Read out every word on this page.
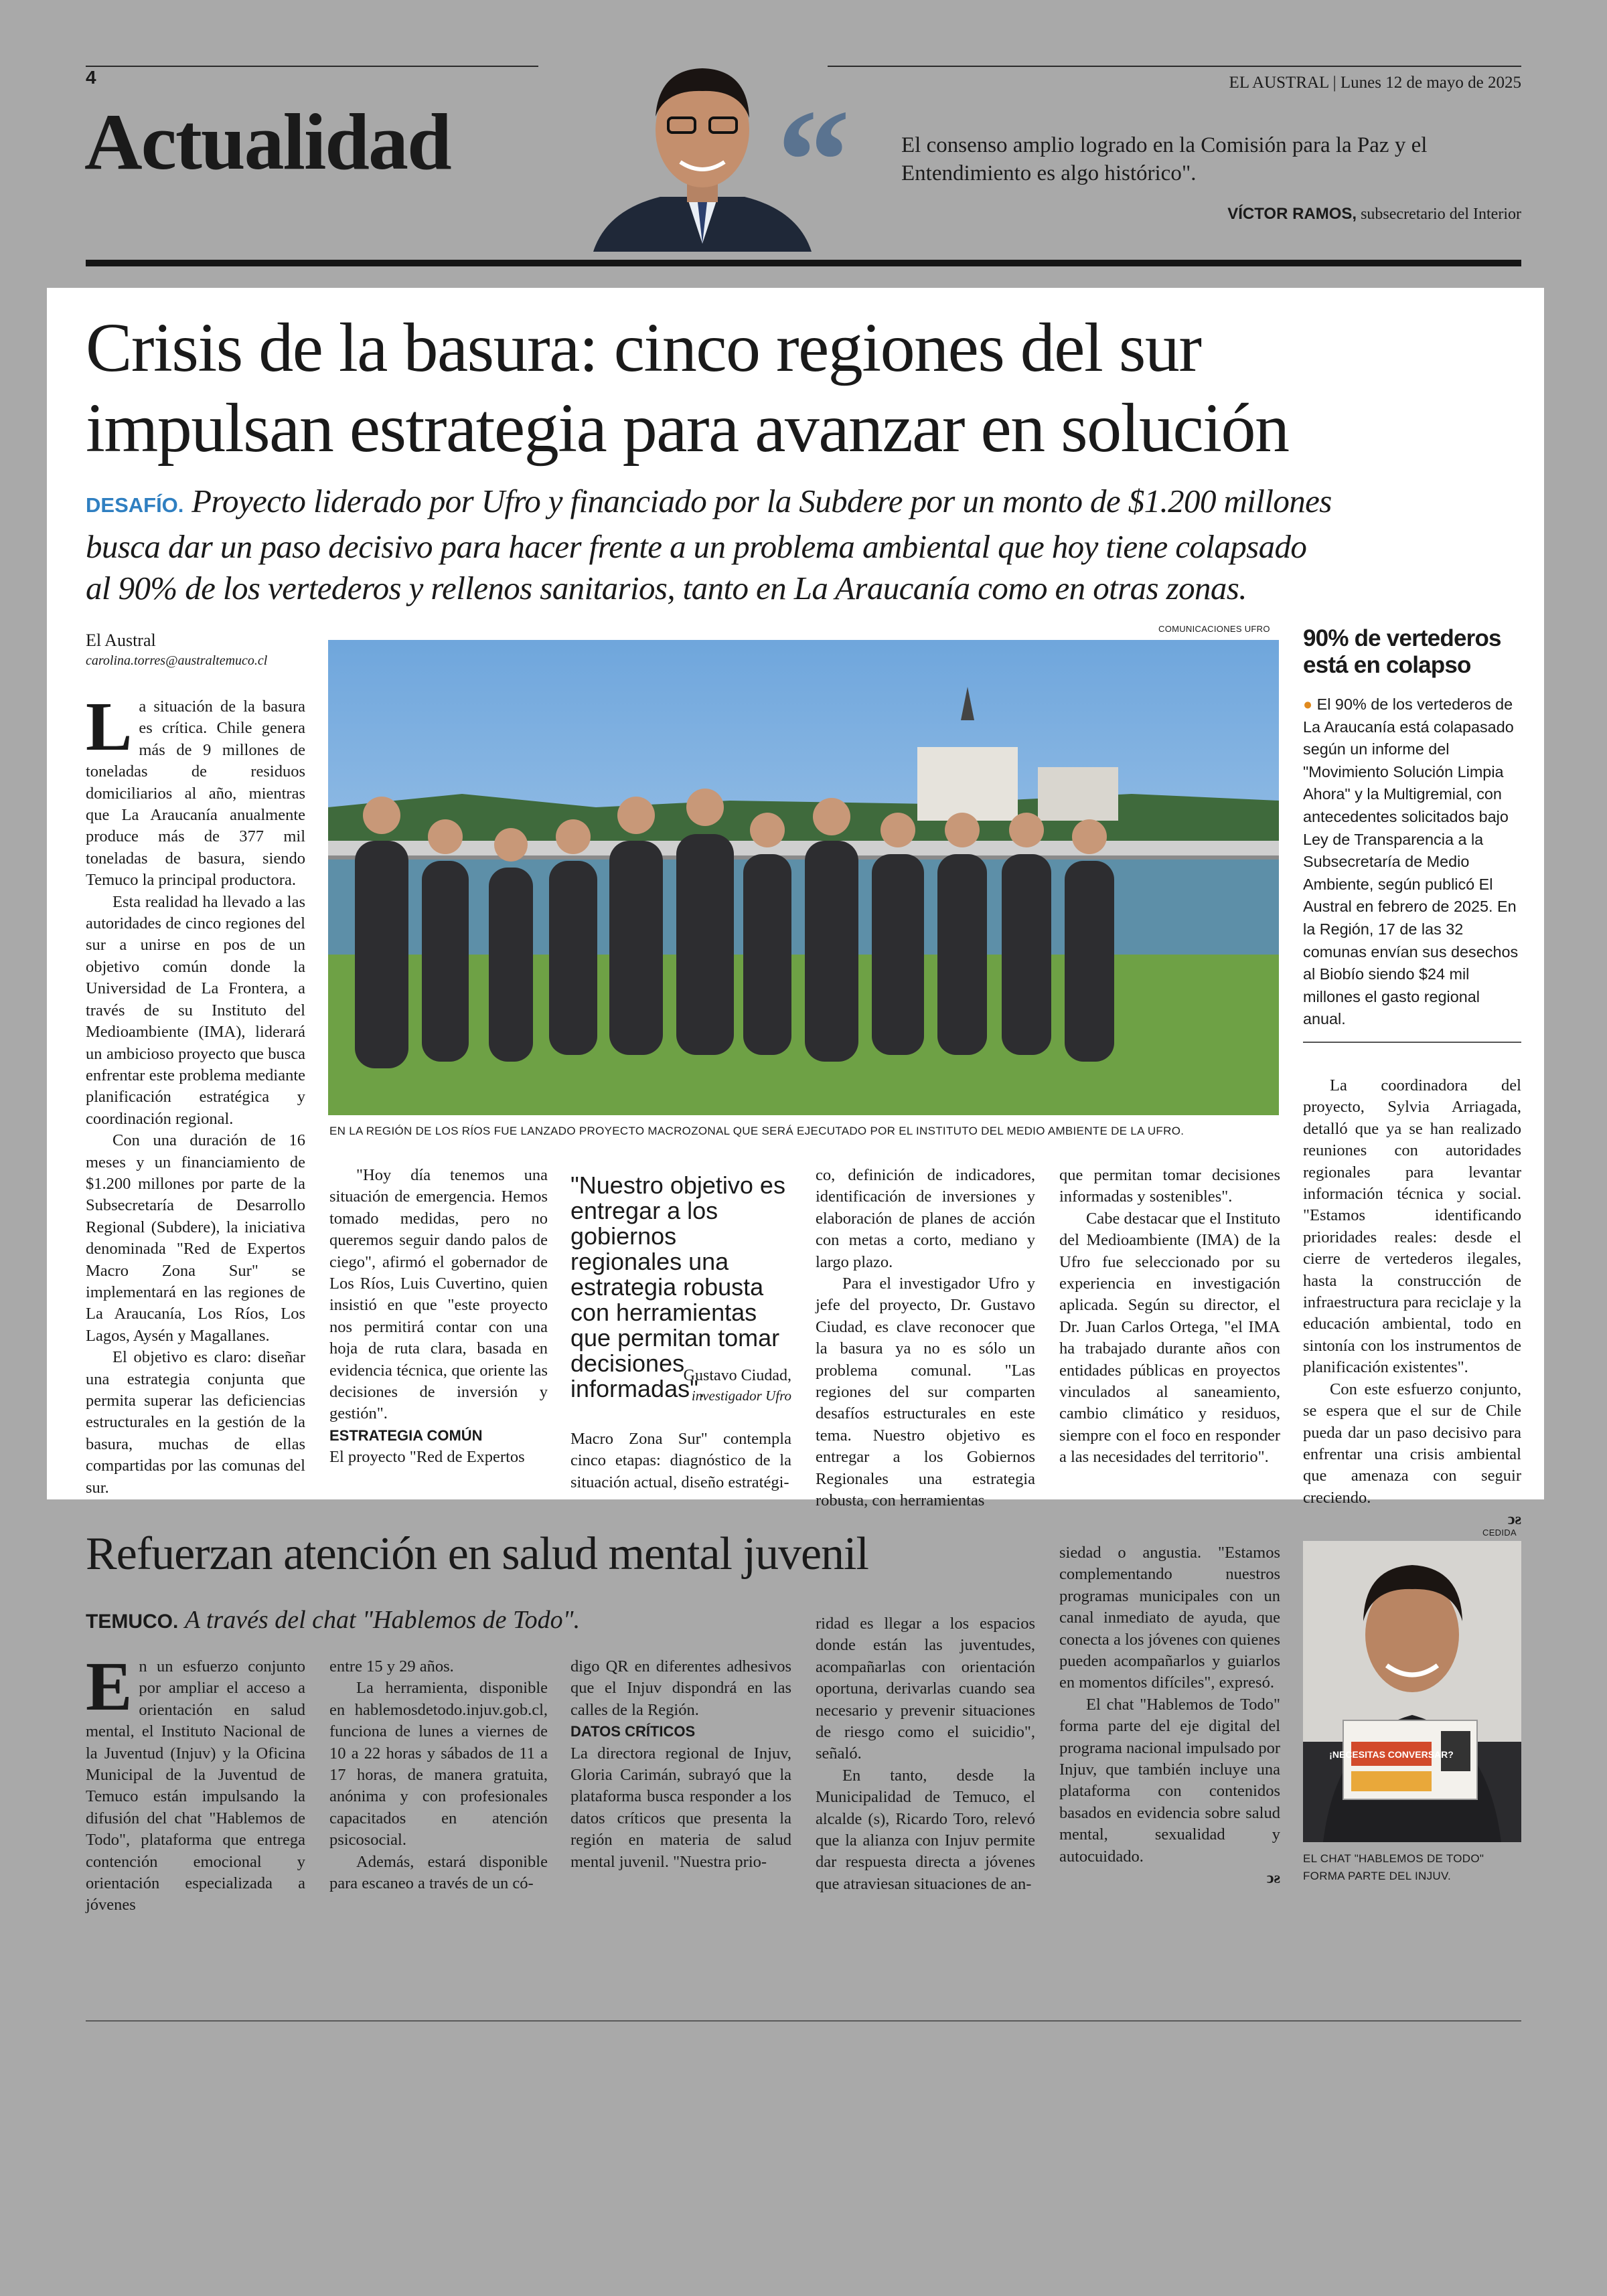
4
Actualidad
EL AUSTRAL | Lunes 12 de mayo de 2025
“ El consenso amplio logrado en la Comisión para la Paz y el Entendimiento es algo histórico".
VÍCTOR RAMOS, subsecretario del Interior
Crisis de la basura: cinco regiones del sur
impulsan estrategia para avanzar en solución
DESAFÍO. Proyecto liderado por Ufro y financiado por la Subdere por un monto de $1.200 millones
busca dar un paso decisivo para hacer frente a un problema ambiental que hoy tiene colapsado
al 90% de los vertederos y rellenos sanitarios, tanto en La Araucanía como en otras zonas.
El Austral
carolina.torres@australtemuco.cl

La situación de la basura es crítica. Chile genera más de 9 millones de toneladas de residuos domiciliarios al año, mientras que La Araucanía anualmente produce más de 377 mil toneladas de basura, siendo Temuco la principal productora.

Esta realidad ha llevado a las autoridades de cinco regiones del sur a unirse en pos de un objetivo común donde la Universidad de La Frontera, a través de su Instituto del Medioambiente (IMA), liderará un ambicioso proyecto que busca enfrentar este problema mediante planificación estratégica y coordinación regional.

Con una duración de 16 meses y un financiamiento de $1.200 millones por parte de la Subsecretaría de Desarrollo Regional (Subdere), la iniciativa denominada "Red de Expertos Macro Zona Sur" se implementará en las regiones de La Araucanía, Los Ríos, Los Lagos, Aysén y Magallanes.

El objetivo es claro: diseñar una estrategia conjunta que permita superar las deficiencias estructurales en la gestión de la basura, muchas de ellas compartidas por las comunas del sur.

COMUNICACIONES UFRO
EN LA REGIÓN DE LOS RÍOS FUE LANZADO PROYECTO MACROZONAL QUE SERÁ EJECUTADO POR EL INSTITUTO DEL MEDIO AMBIENTE DE LA UFRO.
90% de vertederos
está en colapso
● El 90% de los vertederos de La Araucanía está colapasado según un informe del "Movimiento Solución Limpia Ahora" y la Multigremial, con antecedentes solicitados bajo Ley de Transparencia a la Subsecretaría de Medio Ambiente, según publicó El Austral en febrero de 2025. En la Región, 17 de las 32 comunas envían sus desechos al Biobío siendo $24 mil millones el gasto regional anual.

La coordinadora del proyecto, Sylvia Arriagada, detalló que ya se han realizado reuniones con autoridades regionales para levantar información técnica y social. "Estamos identificando prioridades reales: desde el cierre de vertederos ilegales, hasta la construcción de infraestructura para reciclaje y la educación ambiental, todo en sintonía con los instrumentos de planificación existentes".

Con este esfuerzo conjunto, se espera que el sur de Chile pueda dar un paso decisivo para enfrentar una crisis ambiental que amenaza con seguir creciendo.

ↄƨ

"Hoy día tenemos una situación de emergencia. Hemos tomado medidas, pero no queremos seguir dando palos de ciego", afirmó el gobernador de Los Ríos, Luis Cuvertino, quien insistió en que "este proyecto nos permitirá contar con una hoja de ruta clara, basada en evidencia técnica, que oriente las decisiones de inversión y gestión".

ESTRATEGIA COMÚN

El proyecto "Red de Expertos

"Nuestro objetivo es entregar a los gobiernos regionales una estrategia robusta con herramientas que permitan tomar decisiones informadas".
Gustavo Ciudad,
investigador Ufro

Macro Zona Sur" contempla cinco etapas: diagnóstico de la situación actual, diseño estratégi-

co, definición de indicadores, identificación de inversiones y elaboración de planes de acción con metas a corto, mediano y largo plazo.

Para el investigador Ufro y jefe del proyecto, Dr. Gustavo Ciudad, es clave reconocer que la basura ya no es sólo un problema comunal. "Las regiones del sur comparten desafíos estructurales en este tema. Nuestro objetivo es entregar a los Gobiernos Regionales una estrategia robusta, con herramientas

que permitan tomar decisiones informadas y sostenibles".

Cabe destacar que el Instituto del Medioambiente (IMA) de la Ufro fue seleccionado por su experiencia en investigación aplicada. Según su director, el Dr. Juan Carlos Ortega, "el IMA ha trabajado durante años con entidades públicas en proyectos vinculados al saneamiento, cambio climático y residuos, siempre con el foco en responder a las necesidades del territorio".

Refuerzan atención en salud mental juvenil
TEMUCO. A través del chat "Hablemos de Todo".

En un esfuerzo conjunto por ampliar el acceso a orientación en salud mental, el Instituto Nacional de la Juventud (Injuv) y la Oficina Municipal de la Juventud de Temuco están impulsando la difusión del chat "Hablemos de Todo", plataforma que entrega contención emocional y orientación especializada a jóvenes

entre 15 y 29 años.

La herramienta, disponible en hablemosdetodo.injuv.gob.cl, funciona de lunes a viernes de 10 a 22 horas y sábados de 11 a 17 horas, de manera gratuita, anónima y con profesionales capacitados en atención psicosocial.

Además, estará disponible para escaneo a través de un có-

digo QR en diferentes adhesivos que el Injuv dispondrá en las calles de la Región.

DATOS CRÍTICOS

La directora regional de Injuv, Gloria Carimán, subrayó que la plataforma busca responder a los datos críticos que presenta la región en materia de salud mental juvenil. "Nuestra prio-

ridad es llegar a los espacios donde están las juventudes, acompañarlas con orientación oportuna, derivarlas cuando sea necesario y prevenir situaciones de riesgo como el suicidio", señaló.

En tanto, desde la Municipalidad de Temuco, el alcalde (s), Ricardo Toro, relevó que la alianza con Injuv permite dar respuesta directa a jóvenes que atraviesan situaciones de an-

siedad o angustia. "Estamos complementando nuestros programas municipales con un canal inmediato de ayuda, que conecta a los jóvenes con quienes pueden acompañarlos y guiarlos en momentos difíciles", expresó.

El chat "Hablemos de Todo" forma parte del eje digital del programa nacional impulsado por Injuv, que también incluye una plataforma con contenidos basados en evidencia sobre salud mental, sexualidad y autocuidado.

ↄƨ
CEDIDA
¡NECESITAS CONVERSAR?
EL CHAT "HABLEMOS DE TODO"
FORMA PARTE DEL INJUV.
